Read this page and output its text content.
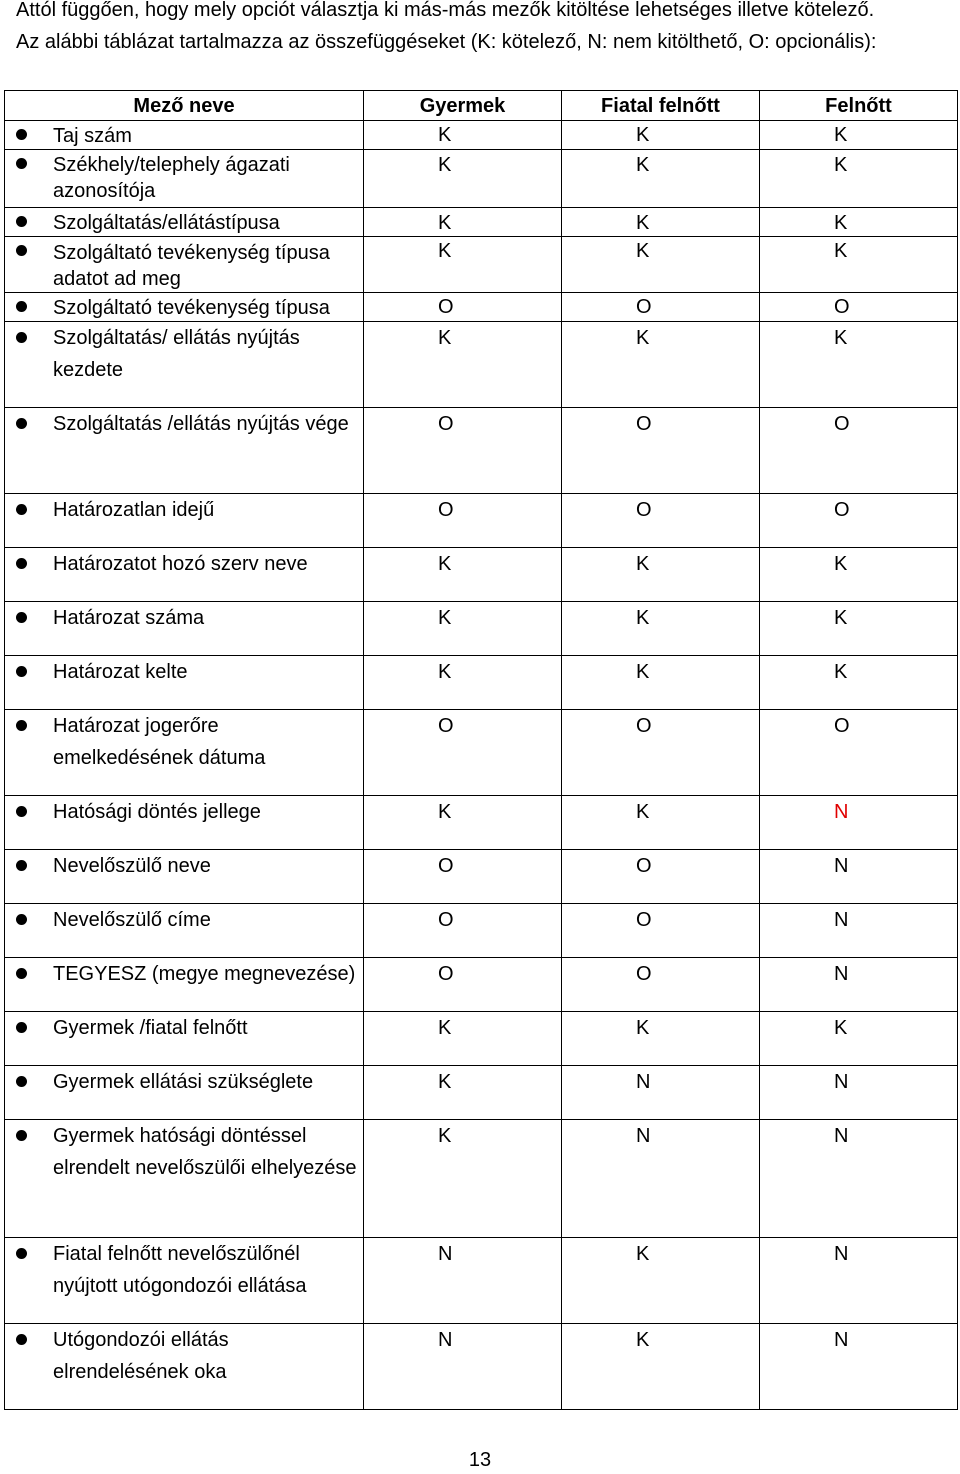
Attól függően, hogy mely opciót választja ki más-más mezők kitöltése lehetséges illetve kötelező.

Az alábbi táblázat tartalmazza az összefüggéseket (K: kötelező, N: nem kitölthető, O: opcionális):

Mező neve	Gyermek	Fiatal felnőtt	Felnőtt

Taj szám	K	K	K

Székhely/telephely ágazati azonosítója	K	K	K

Szolgáltatás/ellátástípusa	K	K	K

Szolgáltató tevékenység típusa adatot ad meg	K	K	K

Szolgáltató tevékenység típusa	O	O	O

Szolgáltatás/ ellátás nyújtás kezdete	K	K	K

Szolgáltatás /ellátás nyújtás vége	O	O	O

Határozatlan idejű	O	O	O

Határozatot hozó szerv neve	K	K	K

Határozat száma	K	K	K

Határozat kelte	K	K	K

Határozat jogerőre emelkedésének dátuma	O	O	O

Hatósági döntés jellege	K	K	N

Nevelőszülő neve	O	O	N

Nevelőszülő címe	O	O	N

TEGYESZ (megye megnevezése)	O	O	N

Gyermek /fiatal felnőtt	K	K	K

Gyermek ellátási szükséglete	K	N	N

Gyermek hatósági döntéssel elrendelt nevelőszülői elhelyezése	K	N	N

Fiatal felnőtt nevelőszülőnél nyújtott utógondozói ellátása	N	K	N

Utógondozói ellátás elrendelésének oka	N	K	N
13
